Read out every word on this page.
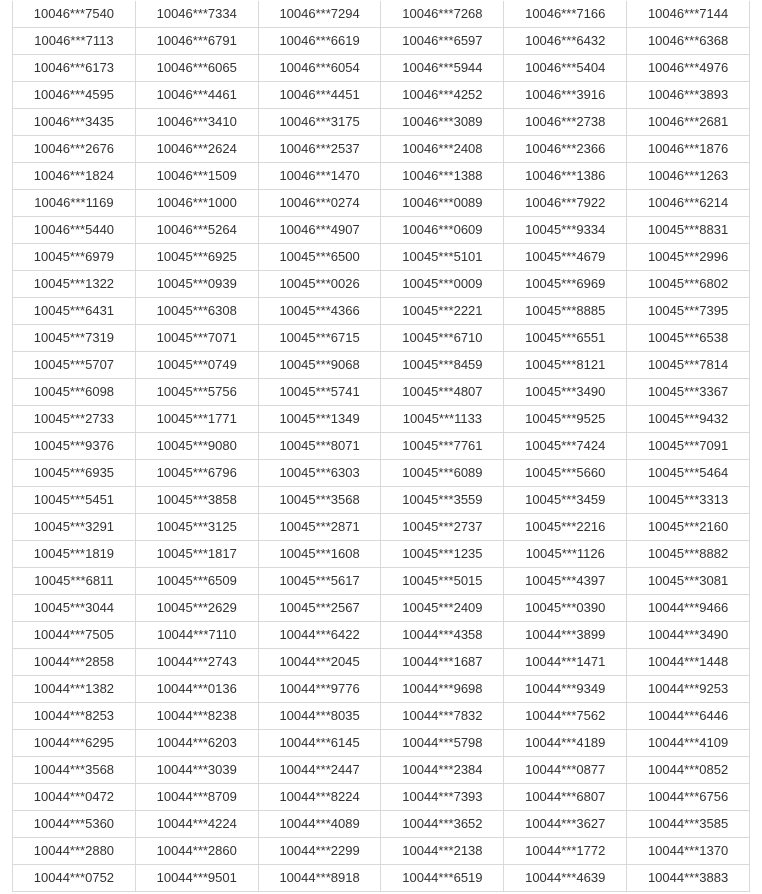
10046***7540	10046***7334	10046***7294	10046***7268	10046***7166	10046***7144
10046***7113	10046***6791	10046***6619	10046***6597	10046***6432	10046***6368
10046***6173	10046***6065	10046***6054	10046***5944	10046***5404	10046***4976
10046***4595	10046***4461	10046***4451	10046***4252	10046***3916	10046***3893
10046***3435	10046***3410	10046***3175	10046***3089	10046***2738	10046***2681
10046***2676	10046***2624	10046***2537	10046***2408	10046***2366	10046***1876
10046***1824	10046***1509	10046***1470	10046***1388	10046***1386	10046***1263
10046***1169	10046***1000	10046***0274	10046***0089	10046***7922	10046***6214
10046***5440	10046***5264	10046***4907	10046***0609	10045***9334	10045***8831
10045***6979	10045***6925	10045***6500	10045***5101	10045***4679	10045***2996
10045***1322	10045***0939	10045***0026	10045***0009	10045***6969	10045***6802
10045***6431	10045***6308	10045***4366	10045***2221	10045***8885	10045***7395
10045***7319	10045***7071	10045***6715	10045***6710	10045***6551	10045***6538
10045***5707	10045***0749	10045***9068	10045***8459	10045***8121	10045***7814
10045***6098	10045***5756	10045***5741	10045***4807	10045***3490	10045***3367
10045***2733	10045***1771	10045***1349	10045***1133	10045***9525	10045***9432
10045***9376	10045***9080	10045***8071	10045***7761	10045***7424	10045***7091
10045***6935	10045***6796	10045***6303	10045***6089	10045***5660	10045***5464
10045***5451	10045***3858	10045***3568	10045***3559	10045***3459	10045***3313
10045***3291	10045***3125	10045***2871	10045***2737	10045***2216	10045***2160
10045***1819	10045***1817	10045***1608	10045***1235	10045***1126	10045***8882
10045***6811	10045***6509	10045***5617	10045***5015	10045***4397	10045***3081
10045***3044	10045***2629	10045***2567	10045***2409	10045***0390	10044***9466
10044***7505	10044***7110	10044***6422	10044***4358	10044***3899	10044***3490
10044***2858	10044***2743	10044***2045	10044***1687	10044***1471	10044***1448
10044***1382	10044***0136	10044***9776	10044***9698	10044***9349	10044***9253
10044***8253	10044***8238	10044***8035	10044***7832	10044***7562	10044***6446
10044***6295	10044***6203	10044***6145	10044***5798	10044***4189	10044***4109
10044***3568	10044***3039	10044***2447	10044***2384	10044***0877	10044***0852
10044***0472	10044***8709	10044***8224	10044***7393	10044***6807	10044***6756
10044***5360	10044***4224	10044***4089	10044***3652	10044***3627	10044***3585
10044***2880	10044***2860	10044***2299	10044***2138	10044***1772	10044***1370
10044***0752	10044***9501	10044***8918	10044***6519	10044***4639	10044***3883
